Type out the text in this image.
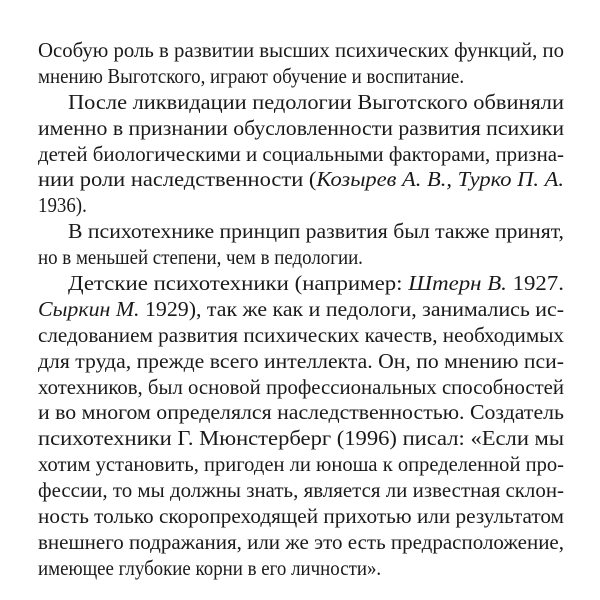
Особую роль в развитии высших психических функций, по
мнению Выготского, играют обучение и воспитание.
После ликвидации педологии Выготского обвиняли
именно в признании обусловленности развития психики
детей биологическими и социальными факторами, призна-
нии роли наследственности (Козырев А. В., Турко П. А.
1936).
В психотехнике принцип развития был также принят,
но в меньшей степени, чем в педологии.
Детские психотехники (например: Штерн В. 1927.
Сыркин М. 1929), так же как и педологи, занимались ис-
следованием развития психических качеств, необходимых
для труда, прежде всего интеллекта. Он, по мнению пси-
хотехников, был основой профессиональных способностей
и во многом определялся наследственностью. Создатель
психотехники Г. Мюнстерберг (1996) писал: «Если мы
хотим установить, пригоден ли юноша к определенной про-
фессии, то мы должны знать, является ли известная склон-
ность только скоропреходящей прихотью или результатом
внешнего подражания, или же это есть предрасположение,
имеющее глубокие корни в его личности».
